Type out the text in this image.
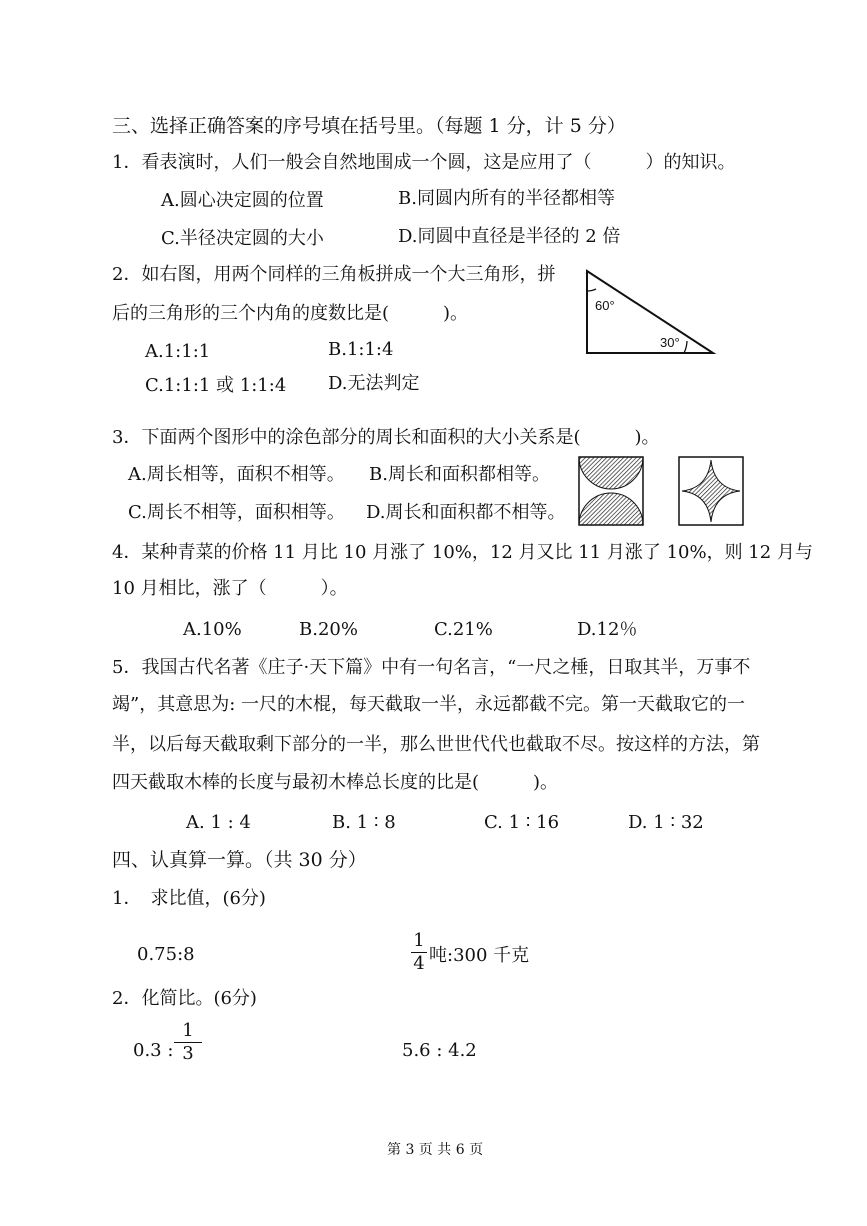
三、选择正确答案的序号填在括号里。（每题 1 分，计 5 分）
1．看表演时，人们一般会自然地围成一个圆，这是应用了（　　　）的知识。
A.圆心决定圆的位置	B.同圆内所有的半径都相等
C.半径决定圆的大小	D.同圆中直径是半径的 2 倍
2．如右图，用两个同样的三角板拼成一个大三角形，拼
后的三角形的三个内角的度数比是(　　　)。
A.1:1:1	B.1:1:4
C.1:1:1 或 1:1:4 D.无法判定
60°
30°
3．下面两个图形中的涂色部分的周长和面积的大小关系是(　　　)。
A.周长相等，面积不相等。 B.周长和面积都相等。
C.周长不相等，面积相等。 D.周长和面积都不相等。
4．某种青菜的价格 11 月比 10 月涨了 10%，12 月又比 11 月涨了 10%，则 12 月与
10 月相比，涨了（　　　）。
A.10%	B.20%	C.21%	D.12％
5．我国古代名著《庄子·天下篇》中有一句名言，“一尺之棰，日取其半，万事不
竭”，其意思为: 一尺的木棍，每天截取一半，永远都截不完。第一天截取它的一
半，以后每天截取剩下部分的一半，那么世世代代也截取不尽。按这样的方法，第
四天截取木棒的长度与最初木棒总长度的比是(　　　)。
A. 1 : 4	B. 1 ∶ 8	C. 1 ∶ 16	D. 1 ∶ 32
四、认真算一算。（共 30 分）
1．　求比值，(6分)
0.75:8
1
4 吨:300 千克
2．化简比。(6分)
0.3 :
1
3	5.6 : 4.2
第 3 页 共 6 页
